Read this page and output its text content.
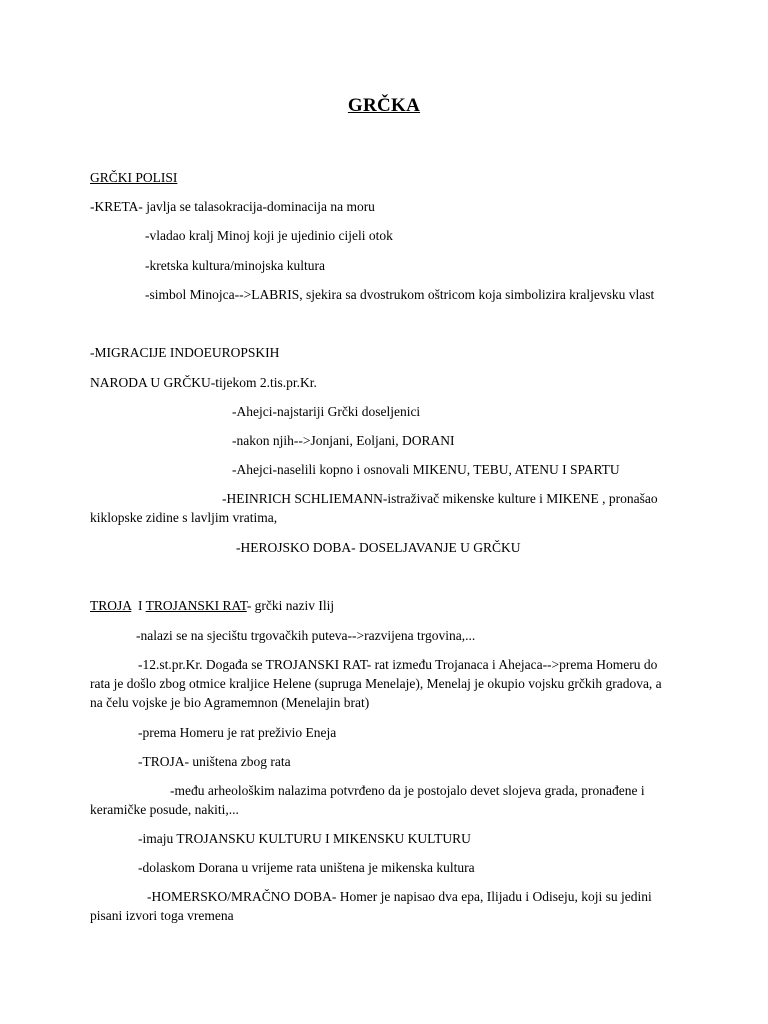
GRČKA
GRČKI POLISI
-KRETA- javlja se talasokracija-dominacija na moru
-vladao kralj Minoj koji je ujedinio cijeli otok
-kretska kultura/minojska kultura
-simbol Minojca-->LABRIS, sjekira sa dvostrukom oštricom koja simbolizira kraljevsku vlast
-MIGRACIJE INDOEUROPSKIH
NARODA U GRČKU-tijekom 2.tis.pr.Kr.
-Ahejci-najstariji Grčki doseljenici
-nakon njih-->Jonjani, Eoljani, DORANI
-Ahejci-naselili kopno i osnovali MIKENU, TEBU, ATENU I SPARTU
-HEINRICH SCHLIEMANN-istraživač mikenske kulture i MIKENE , pronašao
kiklopske zidine s lavljim vratima,
-HEROJSKO DOBA- DOSELJAVANJE U GRČKU
TROJA  I TROJANSKI RAT- grčki naziv Ilij
-nalazi se na sjecištu trgovačkih puteva-->razvijena trgovina,...
-12.st.pr.Kr. Događa se TROJANSKI RAT- rat između Trojanaca i Ahejaca-->prema Homeru do
rata je došlo zbog otmice kraljice Helene (supruga Menelaje), Menelaj je okupio vojsku grčkih gradova, a
na čelu vojske je bio Agramemnon (Menelajin brat)
-prema Homeru je rat preživio Eneja
-TROJA- uništena zbog rata
-među arheološkim nalazima potvrđeno da je postojalo devet slojeva grada, pronađene i
keramičke posude, nakiti,...
-imaju TROJANSKU KULTURU I MIKENSKU KULTURU
-dolaskom Dorana u vrijeme rata uništena je mikenska kultura
-HOMERSKO/MRAČNO DOBA- Homer je napisao dva epa, Ilijadu i Odiseju, koji su jedini
pisani izvori toga vremena
